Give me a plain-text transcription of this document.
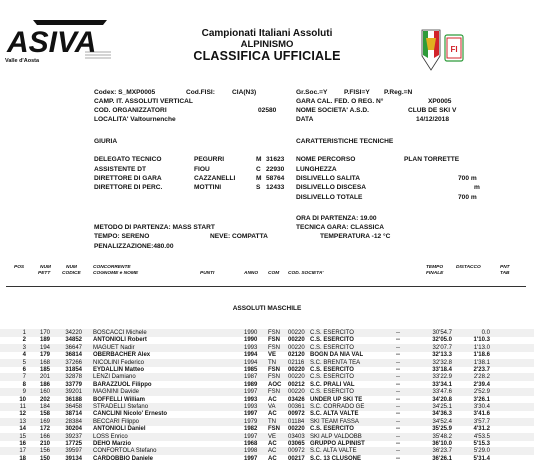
ASIVA
Valle d'Aosta
FI
Campionati Italiani Assoluti
ALPINISMO
CLASSIFICA UFFICIALE
Codex: S_MXP0005	Cod.FISI:	CIA(N3)	Gr.Soc.=Y	P.FISI=Y P.Reg.=N
CAMP. IT. ASSOLUTI VERTICAL	GARA CAL. FED. O REG. N°	XP0005
COD. ORGANIZZATORI	02580	NOME SOCIETA' A.S.D.	CLUB DE SKI V
LOCALITA' Valtournenche	DATA	14/12/2018
GIURIA	CARATTERISTICHE TECNICHE
DELEGATO TECNICO	PEGURRI	M 31623 NOME PERCORSO	PLAN TORRETTE
ASSISTENTE DT	FIOU	C 22930 LUNGHEZZA
DIRETTORE DI GARA	CAZZANELLI	M 58764 DISLIVELLO SALITA	700 m
DIRETTORE DI PERC.	MOTTINI	S 12433 DISLIVELLO DISCESA	m
DISLIVELLO TOTALE	700 m
ORA DI PARTENZA: 19.00
METODO DI PARTENZA: MASS START	TECNICA GARA: CLASSICA
TEMPO: SERENO	NEVE: COMPATTA	TEMPERATURA -12 °C
PENALIZZAZIONE:480.00
POS	NUM
PETT
NUM
CODICE
CONCORRENTE
COGNOME e NOME	PUNTI	ANNO COM COD. SOCIETA'
TEMPO
FINALE
DISTACCO	PNT
TAB
ASSOLUTI MASCHILE
1	170	34220 BOSCACCI Michele	1990 FSN 00220 C.S. ESERCITO	--	30'54.7	0.0
2	189	34852 ANTONIOLI Robert	1990 FSN 00220 C.S. ESERCITO	--	32'05.0	1'10.3
3	194	36647 MAGUET Nadir	1993 FSN 00220 C.S. ESERCITO	--	32'07.7	1'13.0
4	179	36814 OBERBACHER Alex	1994 VE 02120 BOGN DA NIA VAL	--	32'13.3	1'18.6
5	168	37266 NICOLINI Federico	1994 TN 02116 S.C. BRENTA TEA	--	32'32.8	1'38.1
6	185	31854 EYDALLIN Matteo	1985 FSN 00220 C.S. ESERCITO	--	33'18.4	2'23.7
7	201	32878 LENZI Damiano	1987 FSN 00220 C.S. ESERCITO	--	33'22.9	2'28.2
8	186	33779 BARAZZUOL Filippo	1989 AOC 00212 S.C. PRALI VAL	--	33'34.1	2'39.4
9	160	39201 MAGNINI Davide	1997 FSN 00220 C.S. ESERCITO	--	33'47.6	2'52.9
10	202	36188 BOFFELLI William	1993 AC 03426 UNDER UP SKI TE	--	34'20.8	3'26.1
11	184	36458 STRADELLI Stefano	1993 VA 00361 S.C. CORRADO GE	--	34'25.1	3'30.4
12	158	38714 CANCLINI Nicolo' Ernesto	1997 AC 00972 S.C. ALTA VALTE	--	34'36.3	3'41.6
13	169	28384 BECCARI Filippo	1979 TN 01184 SKI TEAM FASSA	--	34'52.4	3'57.7
14	172	30204 ANTONIOLI Daniel	1982 FSN 00220 C.S. ESERCITO	--	35'25.9	4'31.2
15	166	39237 LOSS Enrico	1997 VE 03403 SKI ALP VALDOBB	--	35'48.2	4'53.5
16	210	17725 DEHO Marzio	1968 AC 03065 GRUPPO ALPINIST	--	36'10.0	5'15.3
17	156	39597 CONFORTOLA Stefano	1998 AC 00972 S.C. ALTA VALTE	--	36'23.7	5'29.0
18	150	39134 CARDOBBIO Daniele	1997 AC 00217 S.C. 13 CLUSONE	--	36'26.1	5'31.4
